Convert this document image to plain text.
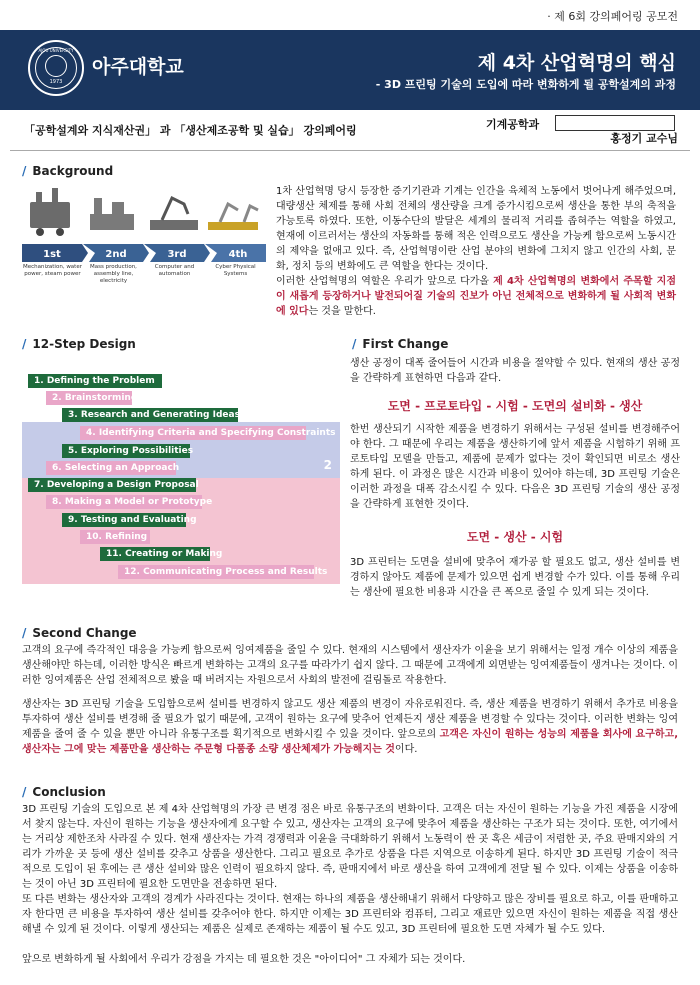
· 제 6회 강의페어링 공모전
1973
AJOU UNIVERSITY
아주대학교	제 4차 산업혁명의 핵심
- 3D 프린팅 기술의 도입에 따라 변화하게 될 공학설계의 과정
「공학설계와 지식재산권」 과 「생산제조공학 및 실습」 강의페어링	기계공학과
홍정기 교수님
/ Background
1st	2nd	3rd	4th
Mechanization, water power, steam power
Mass production, assembly line, electricity
Computer and automation
Cyber Physical Systems
1차 산업혁명 당시 등장한 증기기관과 기계는 인간을 육체적 노동에서 벗어나게 해주었으며, 대량생산 체제를 통해 사회 전체의 생산량을 크게 증가시킴으로써 생산을 통한 부의 축적을 가능토록 하였다. 또한, 이동수단의 발달은 세계의 물리적 거리를 좁혀주는 역할을 하였고, 현재에 이르러서는 생산의 자동화를 통해 적은 인력으로도 생산을 가능케 함으로써 노동시간의 제약을 없애고 있다. 즉, 산업혁명이란 산업 분야의 변화에 그치지 않고 인간의 사회, 문화, 정치 등의 변화에도 큰 역할을 한다는 것이다.
이러한 산업혁명의 역할은 우리가 앞으로 다가올 제 4차 산업혁명의 변화에서 주목할 지점이 새롭게 등장하거나 발전되어질 기술의 진보가 아닌 전체적으로 변화하게 될 사회적 변화에 있다는 것을 말한다.
/ 12-Step Design
2
1. Defining the Problem
2. Brainstorming
3. Research and Generating Ideas
4. Identifying Criteria and Specifying Constraints
5. Exploring Possibilities
6. Selecting an Approach
7. Developing a Design Proposal
8. Making a Model or Prototype
9. Testing and Evaluating
10. Refining
11. Creating or Making
12. Communicating Process and Results
/ First Change
생산 공정이 대폭 줄어들어 시간과 비용을 절약할 수 있다. 현재의 생산 공정을 간략하게 표현하면 다음과 같다.
도면 - 프로토타입 - 시험 - 도면의 설비화 - 생산
한번 생산되기 시작한 제품을 변경하기 위해서는 구성된 설비를 변경해주어야 한다. 그 때문에 우리는 제품을 생산하기에 앞서 제품을 시험하기 위해 프로토타입 모델을 만들고, 제품에 문제가 없다는 것이 확인되면 비로소 생산하게 된다. 이 과정은 많은 시간과 비용이 있어야 하는데, 3D 프린팅 기술은 이러한 과정을 대폭 감소시킬 수 있다. 다음은 3D 프린팅 기술의 생산 공정을 간략하게 표현한 것이다.
도면 - 생산 - 시험
3D 프린터는 도면을 설비에 맞추어 재가공 할 필요도 없고, 생산 설비를 변경하지 않아도 제품에 문제가 있으면 쉽게 변경할 수가 있다. 이를 통해 우리는 생산에 필요한 비용과 시간을 큰 폭으로 줄일 수 있게 되는 것이다.
/ Second Change
고객의 요구에 즉각적인 대응을 가능케 함으로써 잉여제품을 줄일 수 있다. 현재의 시스템에서 생산자가 이윤을 보기 위해서는 일정 개수 이상의 제품을 생산해야만 하는데, 이러한 방식은 빠르게 변화하는 고객의 요구를 따라가기 쉽지 않다. 그 때문에 고객에게 외면받는 잉여제품들이 생겨나는 것이다. 이러한 잉여제품은 산업 전체적으로 봤을 때 버려지는 자원으로서 사회의 발전에 걸림돌로 작용한다.
생산자는 3D 프린팅 기술을 도입함으로써 설비를 변경하지 않고도 생산 제품의 변경이 자유로워진다. 즉, 생산 제품을 변경하기 위해서 추가로 비용을 투자하여 생산 설비를 변경해 줄 필요가 없기 때문에, 고객이 원하는 요구에 맞추어 언제든지 생산 제품을 변경할 수 있다는 것이다. 이러한 변화는 잉여제품을 줄여 줄 수 있을 뿐만 아니라 유통구조를 획기적으로 변화시킬 수 있을 것이다. 앞으로의 고객은 자신이 원하는 성능의 제품을 회사에 요구하고, 생산자는 그에 맞는 제품만을 생산하는 주문형 다품종 소량 생산체제가 가능해지는 것이다.
/ Conclusion
3D 프린팅 기술의 도입으로 본 제 4차 산업혁명의 가장 큰 변경 점은 바로 유통구조의 변화이다. 고객은 더는 자신이 원하는 기능을 가진 제품을 시장에서 찾지 않는다. 자신이 원하는 기능을 생산자에게 요구할 수 있고, 생산자는 고객의 요구에 맞추어 제품을 생산하는 구조가 되는 것이다. 또한, 여기에서는 거리상 제한조차 사라질 수 있다. 현재 생산자는 가격 경쟁력과 이윤을 극대화하기 위해서 노동력이 싼 곳 혹은 세금이 저렴한 곳, 주요 판매지와의 거리가 가까운 곳 등에 생산 설비를 갖추고 상품을 생산한다. 그리고 필요로 추가로 상품을 다른 지역으로 이송하게 된다. 하지만 3D 프린팅 기술이 적극적으로 도입이 된 후에는 큰 생산 설비와 많은 인력이 필요하지 않다. 즉, 판매지에서 바로 생산을 하여 고객에게 전달 될 수 있다. 이제는 상품을 이송하는 것이 아닌 3D 프린터에 필요한 도면만을 전송하면 된다.
또 다른 변화는 생산자와 고객의 경계가 사라진다는 것이다. 현재는 하나의 제품을 생산해내기 위해서 다양하고 많은 장비를 필요로 하고, 이를 판매하고자 한다면 큰 비용을 투자하여 생산 설비를 갖추어야 한다. 하지만 이제는 3D 프린터와 컴퓨터, 그리고 재료만 있으면 자신이 원하는 제품을 직접 생산해낼 수 있게 된 것이다. 이렇게 생산되는 제품은 실제로 존재하는 제품이 될 수도 있고, 3D 프린터에 필요한 도면 자체가 될 수도 있다.
앞으로 변화하게 될 사회에서 우리가 강점을 가지는 데 필요한 것은 "아이디어" 그 자체가 되는 것이다.
